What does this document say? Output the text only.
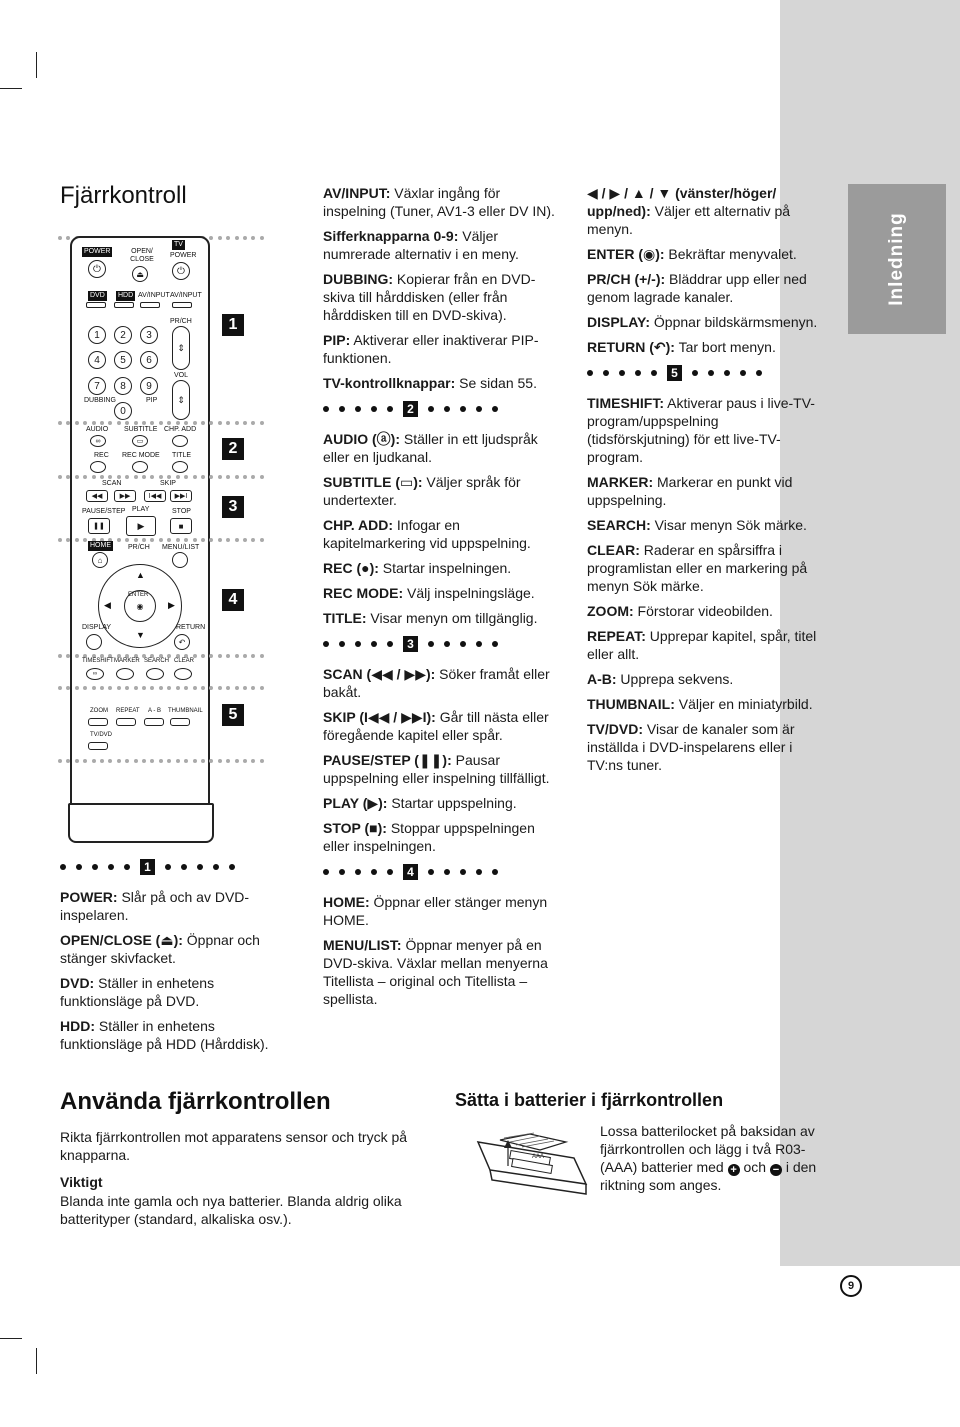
Inledning
Fjärrkontroll
POWER
⏻
OPEN/ CLOSE
⏏
TV
POWER
⏻
DVD HDD AV/INPUT AV/INPUT
1	2	3
4	5	6
7	8	9
DUBBING	PIP
0
PR/CH
⇕
VOL
⇕
AUDIO SUBTITLE CHP. ADD
∞	▭
REC REC MODE TITLE
SCAN	SKIP
◀◀	▶▶	I◀◀	▶▶I
PAUSE/STEP PLAY	STOP
❚❚	▶	■
HOME PR/CH MENU/LIST
⌂
◉
ENTER
▲
▼
◀	▶
DISPLAY	RETURN
↶
TIMESHIFT MARKER SEARCH CLEAR
∞
ZOOM REPEAT A - B THUMBNAIL
TV/DVD
1
2
3
4
5
1

POWER: Slår på och av DVD-inspelaren.

OPEN/CLOSE (⏏): Öppnar och stänger skivfacket.

DVD: Ställer in enhetens funktionsläge på DVD.

HDD: Ställer in enhetens funktionsläge på HDD (Hårddisk).

AV/INPUT: Växlar ingång för inspelning (Tuner, AV1-3 eller DV IN).

Sifferknapparna 0-9: Väljer numrerade alternativ i en meny.

DUBBING: Kopierar från en DVD-skiva till hårddisken (eller från hårddisken till en DVD-skiva).

PIP: Aktiverar eller inaktiverar PIP-funktionen.

TV-kontrollknappar: Se sidan 55.

2

AUDIO (ⓐ): Ställer in ett ljudspråk eller en ljudkanal.

SUBTITLE (▭): Väljer språk för undertexter.

CHP. ADD: Infogar en kapitelmarkering vid uppspelning.

REC (●): Startar inspelningen.

REC MODE: Välj inspelningsläge.

TITLE: Visar menyn om tillgänglig.

3

SCAN (◀◀ / ▶▶): Söker framåt eller bakåt.

SKIP (I◀◀ / ▶▶I): Går till nästa eller föregående kapitel eller spår.

PAUSE/STEP (❚❚): Pausar uppspelning eller inspelning tillfälligt.

PLAY (▶): Startar uppspelning.

STOP (■): Stoppar uppspelningen eller inspelningen.

4

HOME: Öppnar eller stänger menyn HOME.

MENU/LIST: Öppnar menyer på en DVD-skiva. Växlar mellan menyerna Titellista – original och Titellista – spellista.

◀ / ▶ / ▲ / ▼ (vänster/höger/ upp/ned): Väljer ett alternativ på menyn.

ENTER (◉): Bekräftar menyvalet.

PR/CH (+/-): Bläddrar upp eller ned genom lagrade kanaler.

DISPLAY: Öppnar bildskärmsmenyn.

RETURN (↶): Tar bort menyn.

5

TIMESHIFT: Aktiverar paus i live-TV-program/uppspelning (tidsförskjutning) för ett live-TV-program.

MARKER: Markerar en punkt vid uppspelning.

SEARCH: Visar menyn Sök märke.

CLEAR: Raderar en spårsiffra i programlistan eller en markering på menyn Sök märke.

ZOOM: Förstorar videobilden.

REPEAT: Upprepar kapitel, spår, titel eller allt.

A-B: Upprepa sekvens.

THUMBNAIL: Väljer en miniatyrbild.

TV/DVD: Visar de kanaler som är inställda i DVD-inspelarens eller i TV:ns tuner.

Använda fjärrkontrollen
Rikta fjärrkontrollen mot apparatens sensor och tryck på knapparna.
Viktigt
Blanda inte gamla och nya batterier. Blanda aldrig olika batterityper (standard, alkaliska osv.).
Sätta i batterier i fjärrkontrollen
AAA
Lossa batterilocket på baksidan av fjärrkontrollen och lägg i två R03- (AAA) batterier med + och − i den riktning som anges.
9
